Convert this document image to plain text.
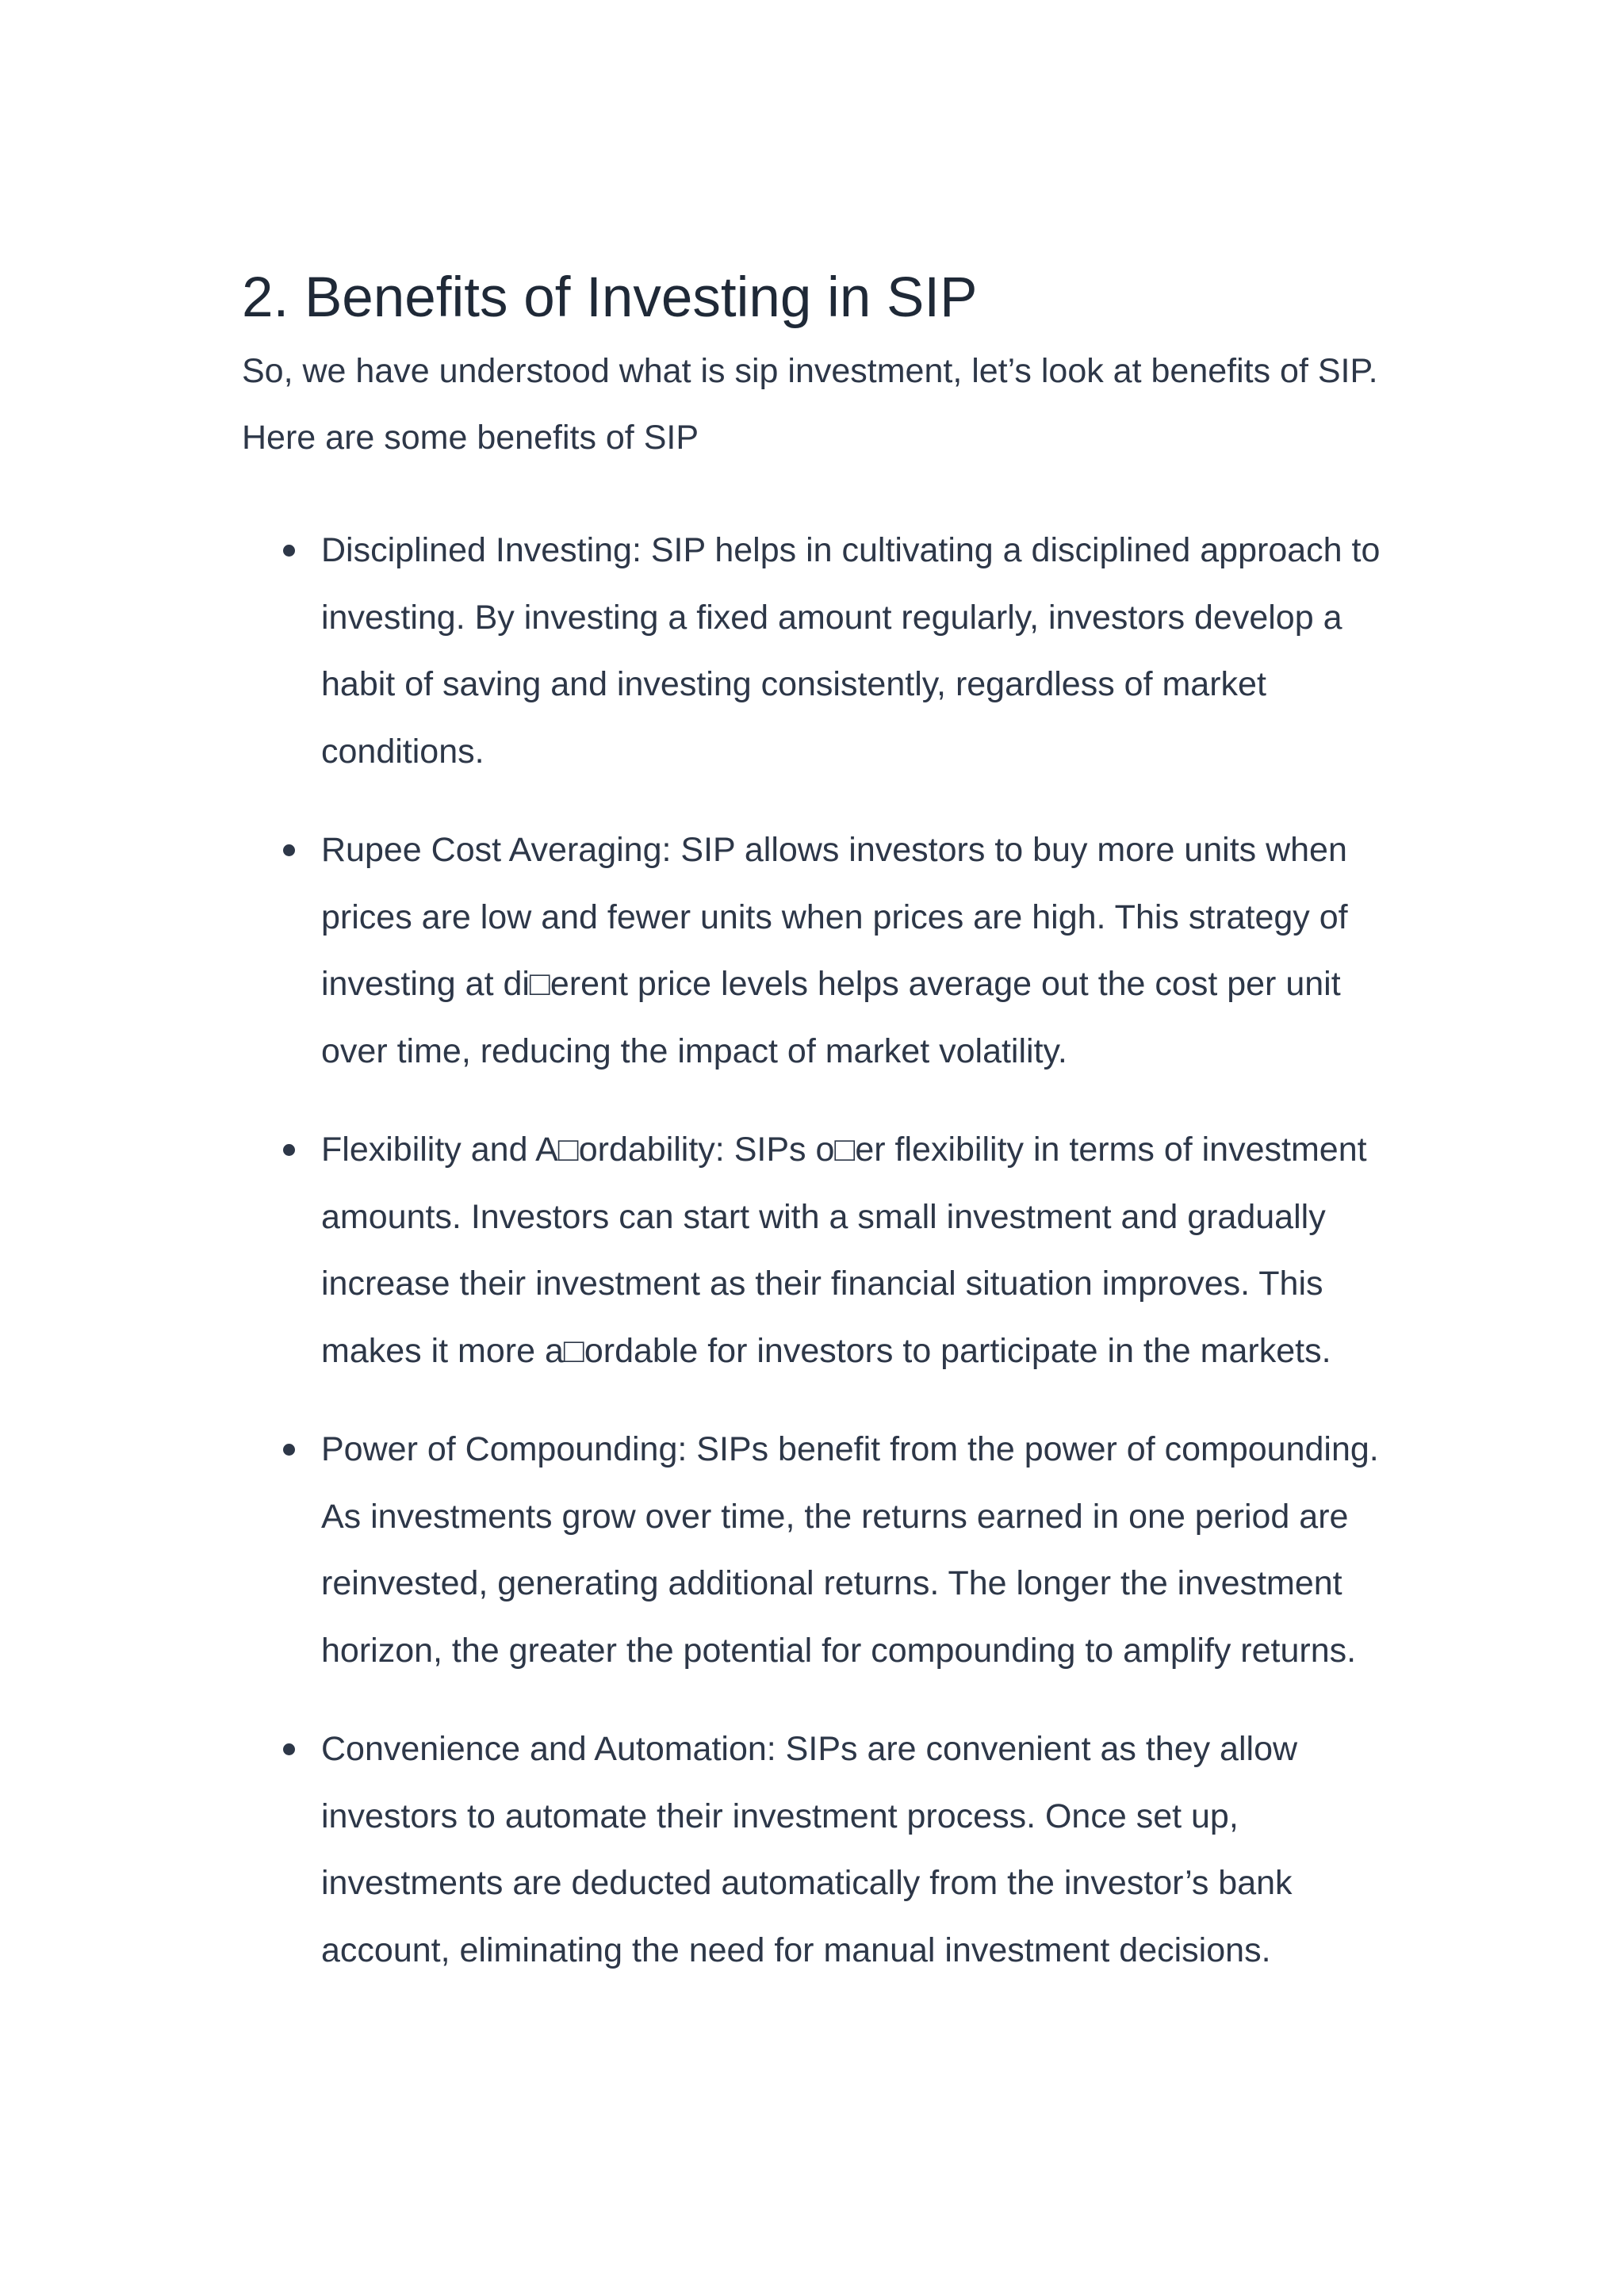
2. Benefits of Investing in SIP

So, we have understood what is sip investment, let’s look at benefits of SIP. Here are some benefits of SIP

Disciplined Investing: SIP helps in cultivating a disciplined approach to investing. By investing a fixed amount regularly, investors develop a habit of saving and investing consistently, regardless of market conditions.
Rupee Cost Averaging: SIP allows investors to buy more units when prices are low and fewer units when prices are high. This strategy of investing at di□erent price levels helps average out the cost per unit over time, reducing the impact of market volatility.
Flexibility and A□ordability: SIPs o□er flexibility in terms of investment amounts. Investors can start with a small investment and gradually increase their investment as their financial situation improves. This makes it more a□ordable for investors to participate in the markets.
Power of Compounding: SIPs benefit from the power of compounding. As investments grow over time, the returns earned in one period are reinvested, generating additional returns. The longer the investment horizon, the greater the potential for compounding to amplify returns.
Convenience and Automation: SIPs are convenient as they allow investors to automate their investment process. Once set up, investments are deducted automatically from the investor’s bank account, eliminating the need for manual investment decisions.
